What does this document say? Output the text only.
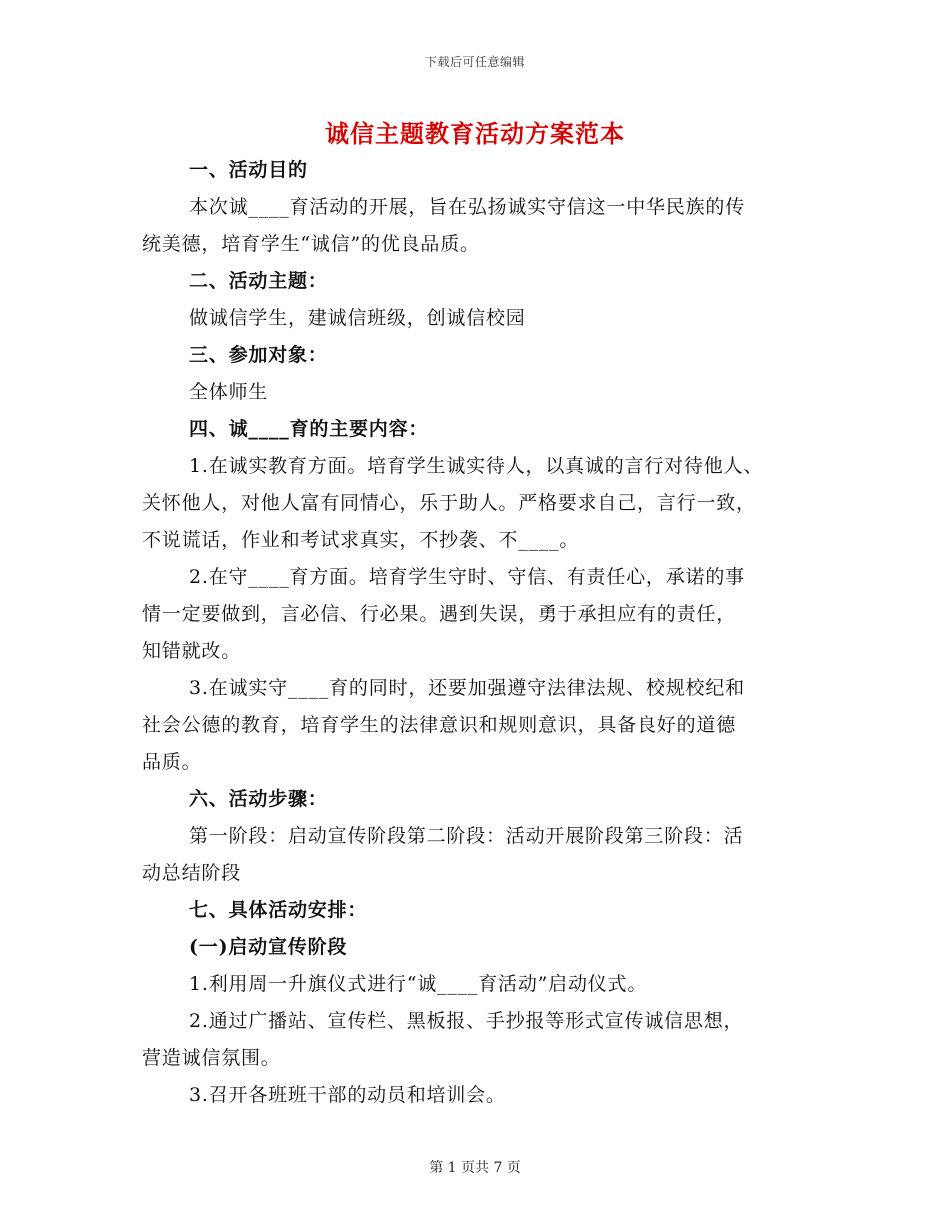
下载后可任意编辑
诚信主题教育活动方案范本
一、活动目的
本次诚____育活动的开展，旨在弘扬诚实守信这一中华民族的传
统美德，培育学生“诚信”的优良品质。
二、活动主题：
做诚信学生，建诚信班级，创诚信校园
三、参加对象：
全体师生
四、诚____育的主要内容：
1.在诚实教育方面。培育学生诚实待人，以真诚的言行对待他人、
关怀他人，对他人富有同情心，乐于助人。严格要求自己，言行一致，
不说谎话，作业和考试求真实，不抄袭、不____。
2.在守____育方面。培育学生守时、守信、有责任心，承诺的事
情一定要做到，言必信、行必果。遇到失误，勇于承担应有的责任，
知错就改。
3.在诚实守____育的同时，还要加强遵守法律法规、校规校纪和
社会公德的教育，培育学生的法律意识和规则意识，具备良好的道德
品质。
六、活动步骤：
第一阶段：启动宣传阶段第二阶段：活动开展阶段第三阶段：活
动总结阶段
七、具体活动安排：
(一)启动宣传阶段
1.利用周一升旗仪式进行“诚____育活动”启动仪式。
2.通过广播站、宣传栏、黑板报、手抄报等形式宣传诚信思想，
营造诚信氛围。
3.召开各班班干部的动员和培训会。
第 1 页共 7 页
